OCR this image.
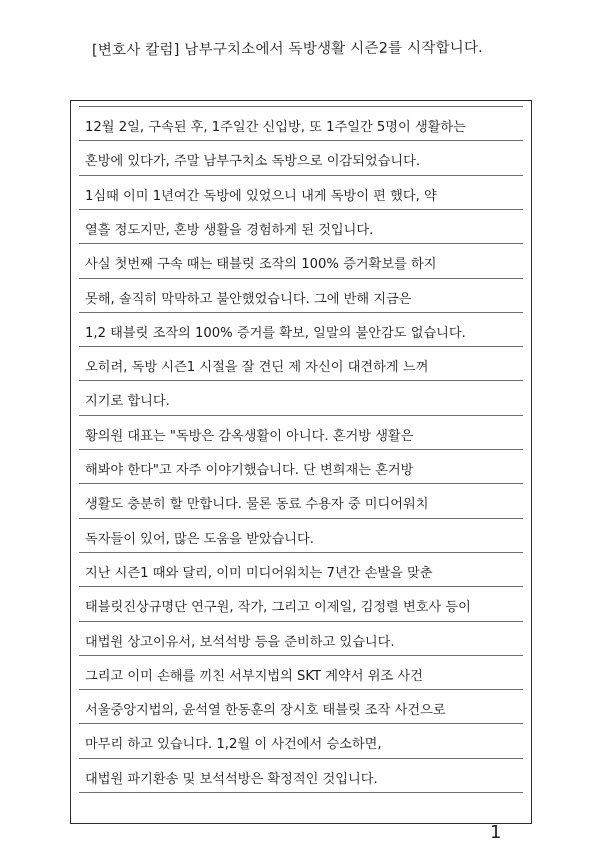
[변호사 칼럼] 남부구치소에서 독방생활 시즌2를 시작합니다.
12월 2일, 구속된 후, 1주일간 신입방, 또 1주일간 5명이 생활하는
혼방에 있다가, 주말 남부구치소 독방으로 이감되었습니다.
1심때 이미 1년여간 독방에 있었으니 내게 독방이 편 했다, 약
열흘 정도지만, 혼방 생활을 경험하게 된 것입니다.
사실 첫번째 구속 때는 태블릿 조작의 100% 증거확보를 하지
못해, 솔직히 막막하고 불안했었습니다. 그에 반해 지금은
1,2 태블릿 조작의 100% 증거를 확보, 일말의 불안감도 없습니다.
오히려, 독방 시즌1 시절을 잘 견딘 제 자신이 대견하게 느껴
지기로 합니다.
황의원 대표는 "독방은 감옥생활이 아니다. 혼거방 생활은
해봐야 한다"고 자주 이야기했습니다. 단 변희재는 혼거방
생활도 충분히 할 만합니다. 물론 동료 수용자 중 미디어워치
독자들이 있어, 많은 도움을 받았습니다.
지난 시즌1 때와 달리, 이미 미디어워치는 7년간 손발을 맞춘
태블릿진상규명단 연구원, 작가, 그리고 이제일, 김정렬 변호사 등이
대법원 상고이유서, 보석석방 등을 준비하고 있습니다.
그리고 이미 손해를 끼친 서부지법의 SKT 계약서 위조 사건
서울중앙지법의, 윤석열 한동훈의 장시호 태블릿 조작 사건으로
마무리 하고 있습니다. 1,2월 이 사건에서 승소하면,
대법원 파기환송 및 보석석방은 확정적인 것입니다.
1
